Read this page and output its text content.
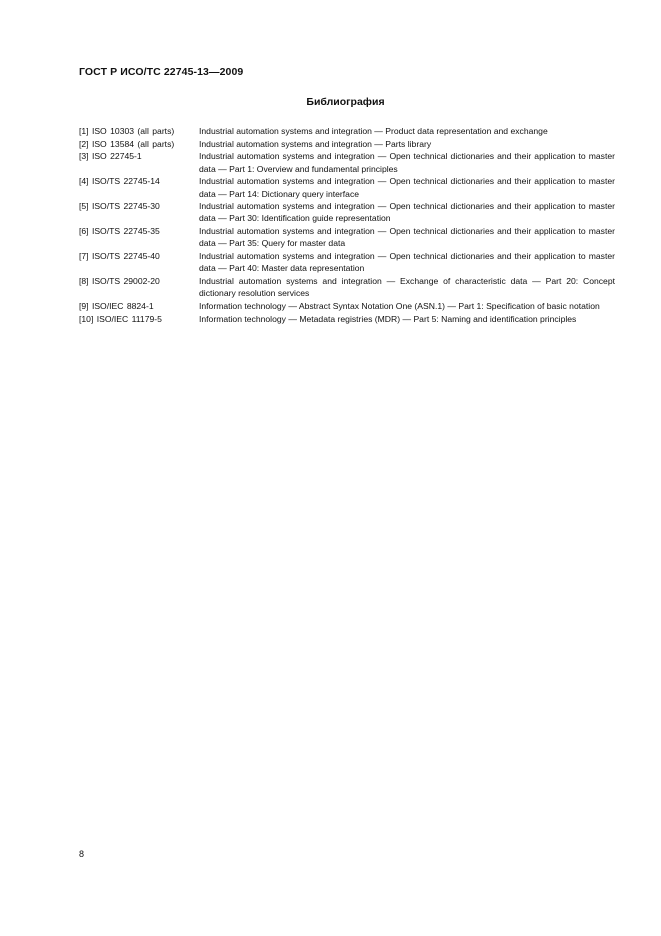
ГОСТ Р ИСО/ТС 22745-13—2009
Библиография
[1] ISO 10303 (all parts)	Industrial automation systems and integration — Product data representation and exchange
[2] ISO 13584 (all parts)	Industrial automation systems and integration — Parts library
[3] ISO 22745-1	Industrial automation systems and integration — Open technical dictionaries and their application to master data — Part 1: Overview and fundamental principles
[4] ISO/TS 22745-14	Industrial automation systems and integration — Open technical dictionaries and their application to master data — Part 14: Dictionary query interface
[5] ISO/TS 22745-30	Industrial automation systems and integration — Open technical dictionaries and their application to master data — Part 30: Identification guide representation
[6] ISO/TS 22745-35	Industrial automation systems and integration — Open technical dictionaries and their application to master data — Part 35: Query for master data
[7] ISO/TS 22745-40	Industrial automation systems and integration — Open technical dictionaries and their application to master data — Part 40: Master data representation
[8] ISO/TS 29002-20	Industrial automation systems and integration — Exchange of characteristic data — Part 20: Concept dictionary resolution services
[9] ISO/IEC 8824-1	Information technology — Abstract Syntax Notation One (ASN.1) — Part 1: Specification of basic notation
[10] ISO/IEC 11179-5	Information technology — Metadata registries (MDR) — Part 5: Naming and identification principles
8
